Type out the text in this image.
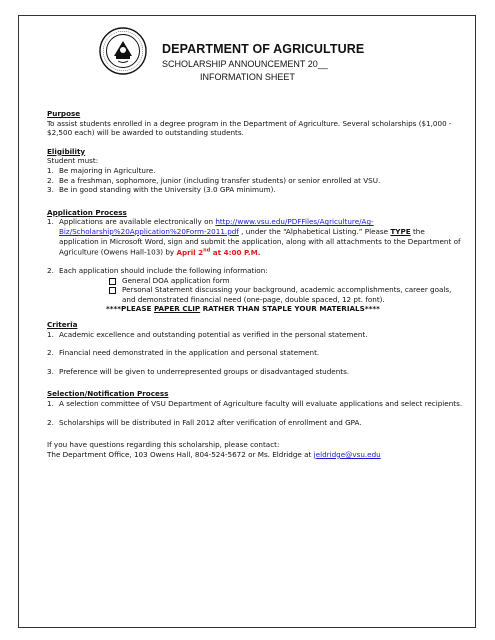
DEPARTMENT OF AGRICULTURE
SCHOLARSHIP ANNOUNCEMENT 20__
INFORMATION SHEET

Purpose

To assist students enrolled in a degree program in the Department of Agriculture. Several scholarships ($1,000 - $2,500 each) will be awarded to outstanding students.

Eligibility

Student must:

1. Be majoring in Agriculture.
2. Be a freshman, sophomore, junior (including transfer students) or senior enrolled at VSU.
3. Be in good standing with the University (3.0 GPA minimum).

Application Process

1. Applications are available electronically on http://www.vsu.edu/PDFFiles/Agriculture/Ag-Biz/Scholarship%20Application%20Form-2011.pdf , under the “Alphabetical Listing.” Please TYPE the application in Microsoft Word, sign and submit the application, along with all attachments to the Department of Agriculture (Owens Hall-103) by April 2nd at 4:00 P.M.
2. Each application should include the following information:
General DOA application form
Personal Statement discussing your background, academic accomplishments, career goals, and demonstrated financial need (one-page, double spaced, 12 pt. font).
****PLEASE PAPER CLIP RATHER THAN STAPLE YOUR MATERIALS****

Criteria

1. Academic excellence and outstanding potential as verified in the personal statement.
2. Financial need demonstrated in the application and personal statement.
3. Preference will be given to underrepresented groups or disadvantaged students.

Selection/Notification Process

1. A selection committee of VSU Department of Agriculture faculty will evaluate applications and select recipients.
2. Scholarships will be distributed in Fall 2012 after verification of enrollment and GPA.

If you have questions regarding this scholarship, please contact:

The Department Office, 103 Owens Hall, 804-524-5672 or Ms. Eldridge at jeldridge@vsu.edu
